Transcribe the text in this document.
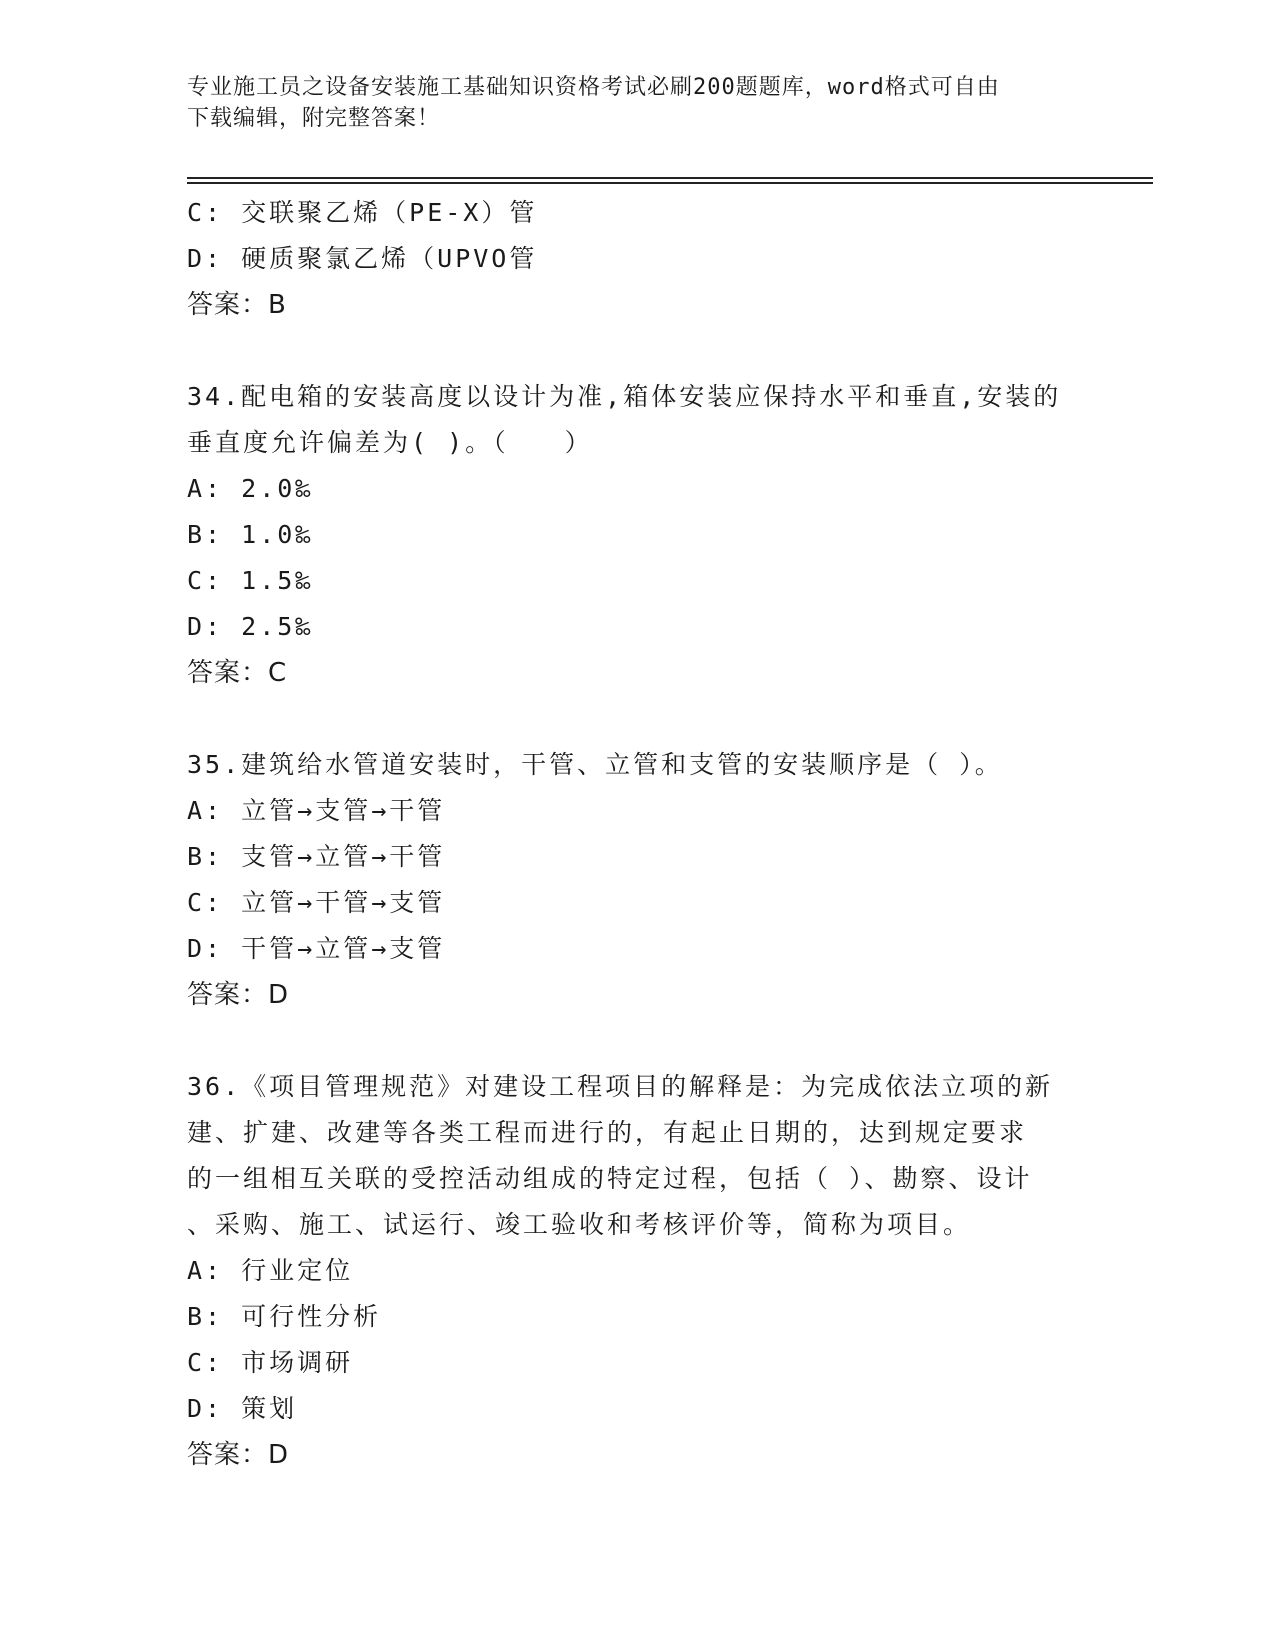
专业施工员之设备安装施工基础知识资格考试必刷200题题库，word格式可自由
下载编辑，附完整答案！
C: 交联聚乙烯（PE-X）管
D: 硬质聚氯乙烯（UPVO管
答案：B
34.配电箱的安装高度以设计为准,箱体安装应保持水平和垂直,安装的
垂直度允许偏差为( )。（　　）
A: 2.0‰
B: 1.0‰
C: 1.5‰
D: 2.5‰
答案：C
35.建筑给水管道安装时，干管、立管和支管的安装顺序是（ ）。
A: 立管→支管→干管
B: 支管→立管→干管
C: 立管→干管→支管
D: 干管→立管→支管
答案：D
36.《项目管理规范》对建设工程项目的解释是：为完成依法立项的新
建、扩建、改建等各类工程而进行的，有起止日期的，达到规定要求
的一组相互关联的受控活动组成的特定过程，包括（ ）、勘察、设计
、采购、施工、试运行、竣工验收和考核评价等，简称为项目。
A: 行业定位
B: 可行性分析
C: 市场调研
D: 策划
答案：D
